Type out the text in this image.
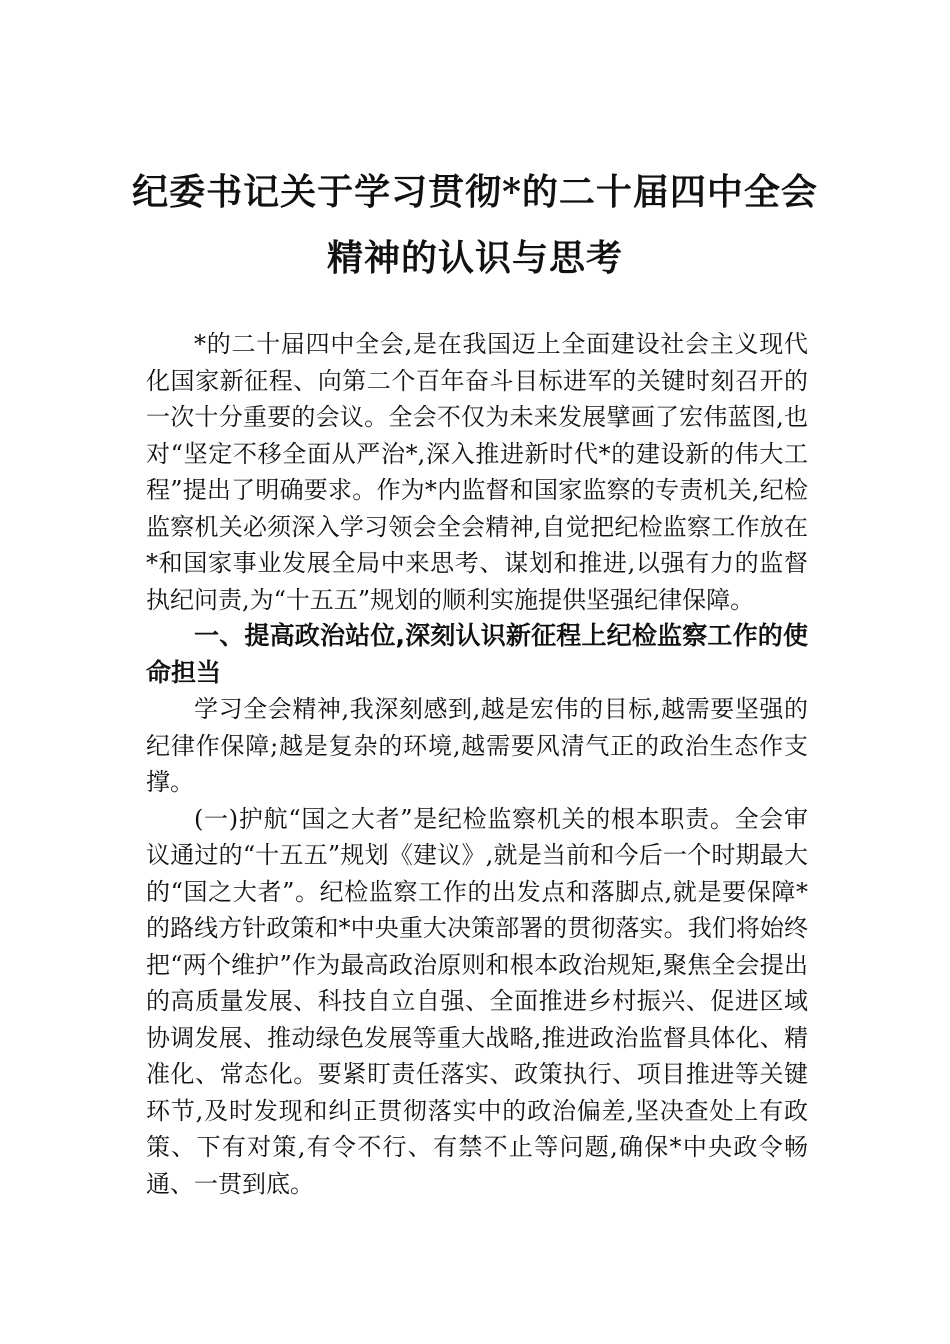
纪委书记关于学习贯彻*的二十届四中全会
精神的认识与思考

*的二十届四中全会,是在我国迈上全面建设社会主义现代化国家新征程、向第二个百年奋斗目标进军的关键时刻召开的一次十分重要的会议。全会不仅为未来发展擘画了宏伟蓝图,也对“坚定不移全面从严治*,深入推进新时代*的建设新的伟大工程”提出了明确要求。作为*内监督和国家监察的专责机关,纪检监察机关必须深入学习领会全会精神,自觉把纪检监察工作放在*和国家事业发展全局中来思考、谋划和推进,以强有力的监督执纪问责,为“十五五”规划的顺利实施提供坚强纪律保障。

一、提高政治站位,深刻认识新征程上纪检监察工作的使命担当

学习全会精神,我深刻感到,越是宏伟的目标,越需要坚强的纪律作保障;越是复杂的环境,越需要风清气正的政治生态作支撑。

(一)护航“国之大者”是纪检监察机关的根本职责。全会审议通过的“十五五”规划《建议》,就是当前和今后一个时期最大的“国之大者”。纪检监察工作的出发点和落脚点,就是要保障*的路线方针政策和*中央重大决策部署的贯彻落实。我们将始终把“两个维护”作为最高政治原则和根本政治规矩,聚焦全会提出的高质量发展、科技自立自强、全面推进乡村振兴、促进区域协调发展、推动绿色发展等重大战略,推进政治监督具体化、精准化、常态化。要紧盯责任落实、政策执行、项目推进等关键环节,及时发现和纠正贯彻落实中的政治偏差,坚决查处上有政策、下有对策,有令不行、有禁不止等问题,确保*中央政令畅通、一贯到底。
